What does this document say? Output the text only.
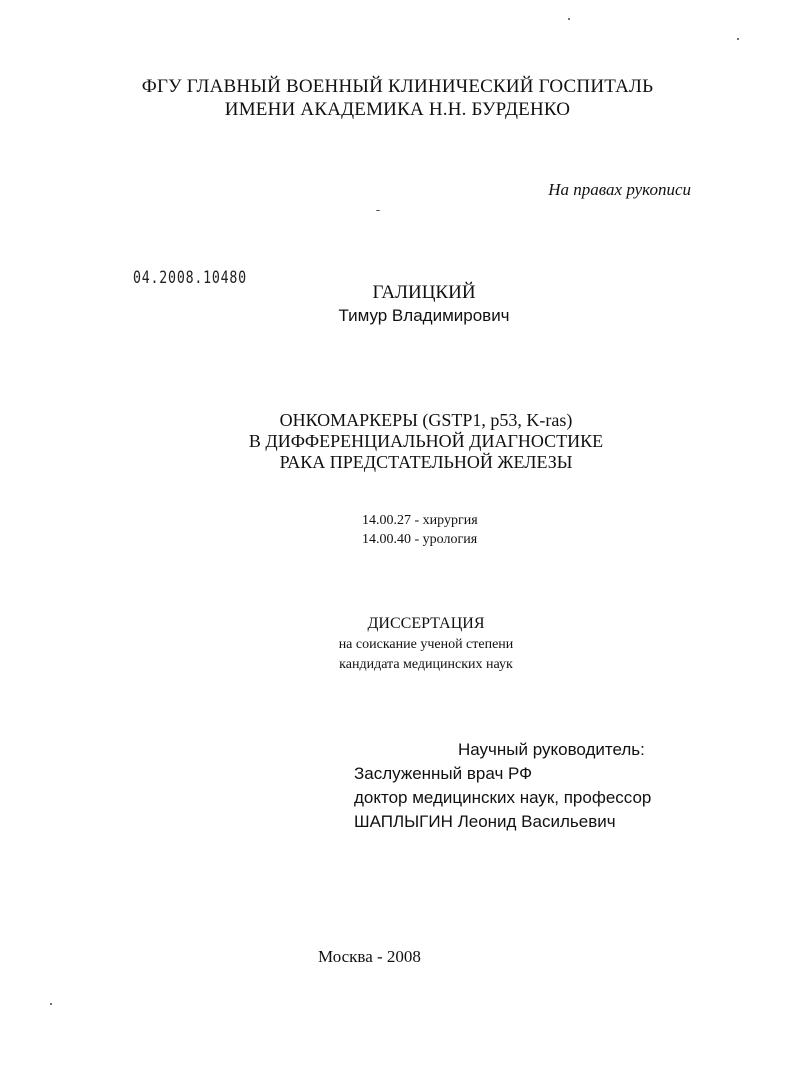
ФГУ ГЛАВНЫЙ ВОЕННЫЙ КЛИНИЧЕСКИЙ ГОСПИТАЛЬ
ИМЕНИ АКАДЕМИКА Н.Н. БУРДЕНКО
На правах рукописи
04.2008.10480
ГАЛИЦКИЙ
Тимур Владимирович
ОНКОМАРКЕРЫ (GSTP1, p53, K-ras)
В ДИФФЕРЕНЦИАЛЬНОЙ ДИАГНОСТИКЕ
РАКА ПРЕДСТАТЕЛЬНОЙ ЖЕЛЕЗЫ
14.00.27 - хирургия
14.00.40 - урология
ДИССЕРТАЦИЯ
на соискание ученой степени
кандидата медицинских наук
Научный руководитель:
Заслуженный врач РФ
доктор медицинских наук, профессор
ШАПЛЫГИН Леонид Васильевич
Москва - 2008
